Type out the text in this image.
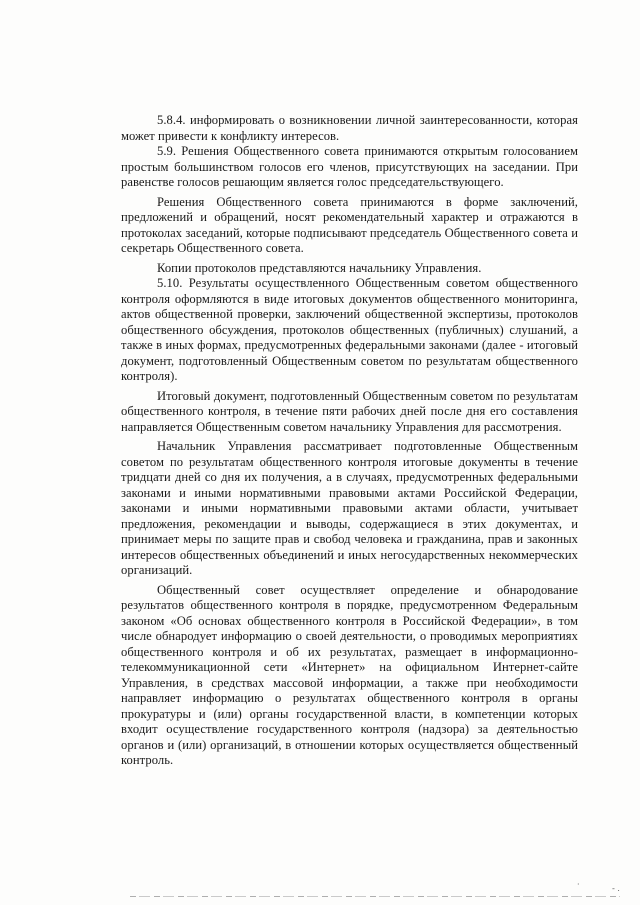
5.8.4. информировать о возникновении личной заинтересованности, которая может привести к конфликту интересов.

5.9. Решения Общественного совета принимаются открытым голосованием простым большинством голосов его членов, присутствующих на заседании. При равенстве голосов решающим является голос председательствующего.

Решения Общественного совета принимаются в форме заключений, предложений и обращений, носят рекомендательный характер и отражаются в протоколах заседаний, которые подписывают председатель Общественного совета и секретарь Общественного совета.

Копии протоколов представляются начальнику Управления.

5.10. Результаты осуществленного Общественным советом общественного контроля оформляются в виде итоговых документов общественного мониторинга, актов общественной проверки, заключений общественной экспертизы, протоколов общественного обсуждения, протоколов общественных (публичных) слушаний, а также в иных формах, предусмотренных федеральными законами (далее - итоговый документ, подготовленный Общественным советом по результатам общественного контроля).

Итоговый документ, подготовленный Общественным советом по результатам общественного контроля, в течение пяти рабочих дней после дня его составления направляется Общественным советом начальнику Управления для рассмотрения.

Начальник Управления рассматривает подготовленные Общественным советом по результатам общественного контроля итоговые документы в течение тридцати дней со дня их получения, а в случаях, предусмотренных федеральными законами и иными нормативными правовыми актами Российской Федерации, законами и иными нормативными правовыми актами области, учитывает предложения, рекомендации и выводы, содержащиеся в этих документах, и принимает меры по защите прав и свобод человека и гражданина, прав и законных интересов общественных объединений и иных негосударственных некоммерческих организаций.

Общественный совет осуществляет определение и обнародование результатов общественного контроля в порядке, предусмотренном Федеральным законом «Об основах общественного контроля в Российской Федерации», в том числе обнародует информацию о своей деятельности, о проводимых мероприятиях общественного контроля и об их результатах, размещает в информационно-телекоммуникационной сети «Интернет» на официальном Интернет-сайте Управления, в средствах массовой информации, а также при необходимости направляет информацию о результатах общественного контроля в органы прокуратуры и (или) органы государственной власти, в компетенции которых входит осуществление государственного контроля (надзора) за деятельностью органов и (или) организаций, в отношении которых осуществляется общественный контроль.

·	- .
